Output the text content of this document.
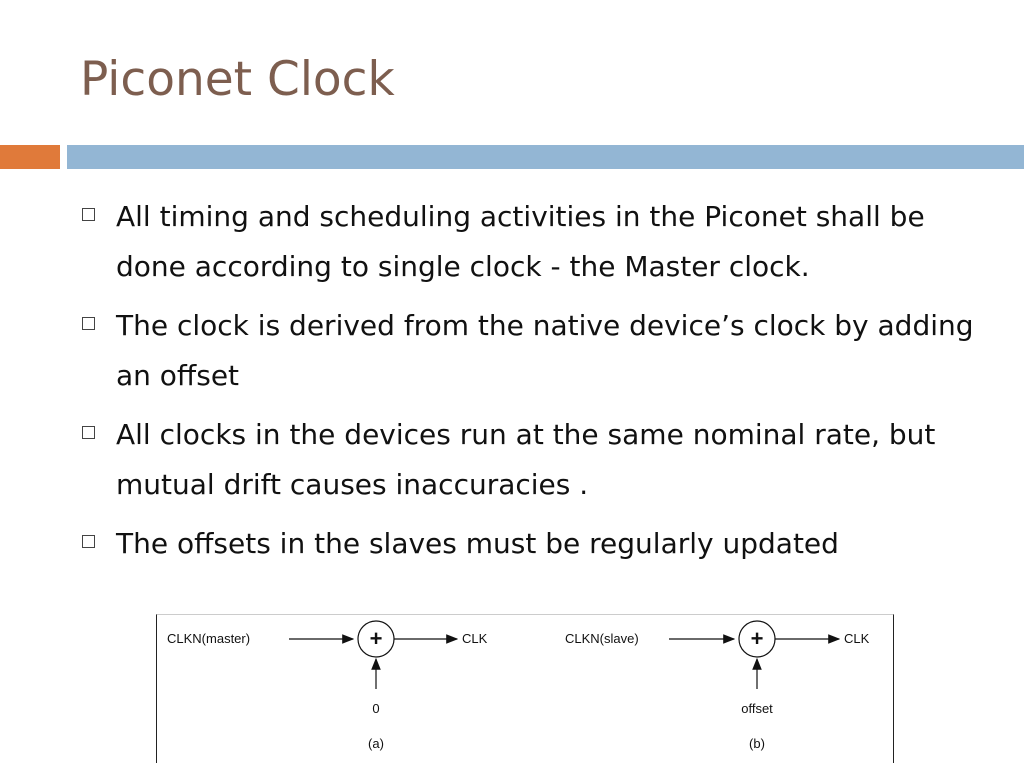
Piconet Clock
All timing and scheduling activities in the Piconet shall be done according to single clock - the Master clock.
The clock is derived from the native device’s clock by adding an offset
All clocks in the devices run at the same nominal rate, but mutual drift causes inaccuracies .
The offsets in the slaves must be regularly updated
CLKN(master)	+	CLK
0
(a)
CLKN(slave)	+	CLK
offset
(b)
